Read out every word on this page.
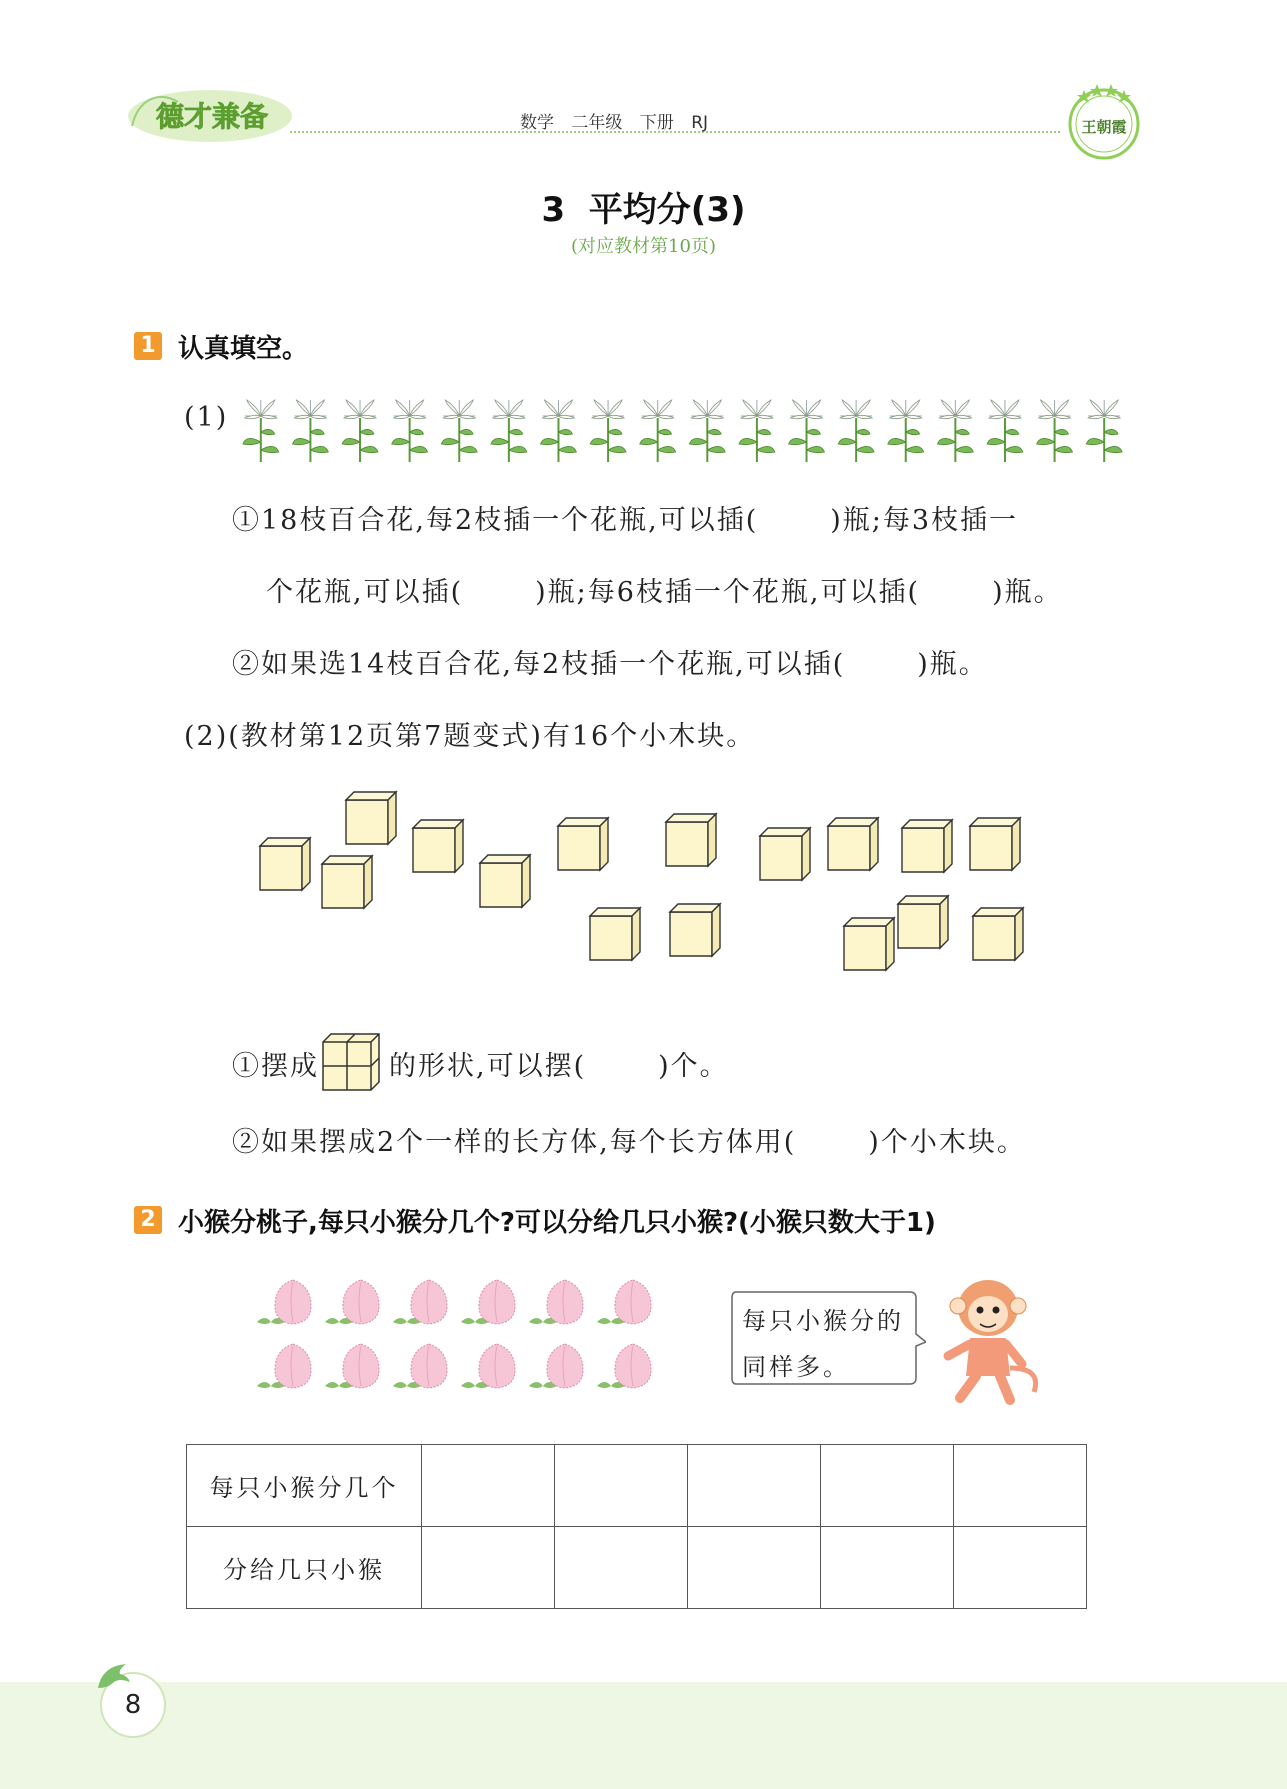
德才兼备	数学 二年级 下册 RJ	王朝霞
3  平均分(3)
(对应教材第10页)
1 认真填空。
(1)
①18枝百合花,每2枝插一个花瓶,可以插(	)瓶;每3枝插一
个花瓶,可以插(	)瓶;每6枝插一个花瓶,可以插(	)瓶。
②如果选14枝百合花,每2枝插一个花瓶,可以插(	)瓶。
(2)(教材第12页第7题变式)有16个小木块。
①摆成	的形状,可以摆(	)个。
②如果摆成2个一样的长方体,每个长方体用(	)个小木块。
2 小猴分桃子,每只小猴分几个?可以分给几只小猴?(小猴只数大于1)
每只小猴分的同样多。
每只小猴分几个					
分给几只小猴					
8
